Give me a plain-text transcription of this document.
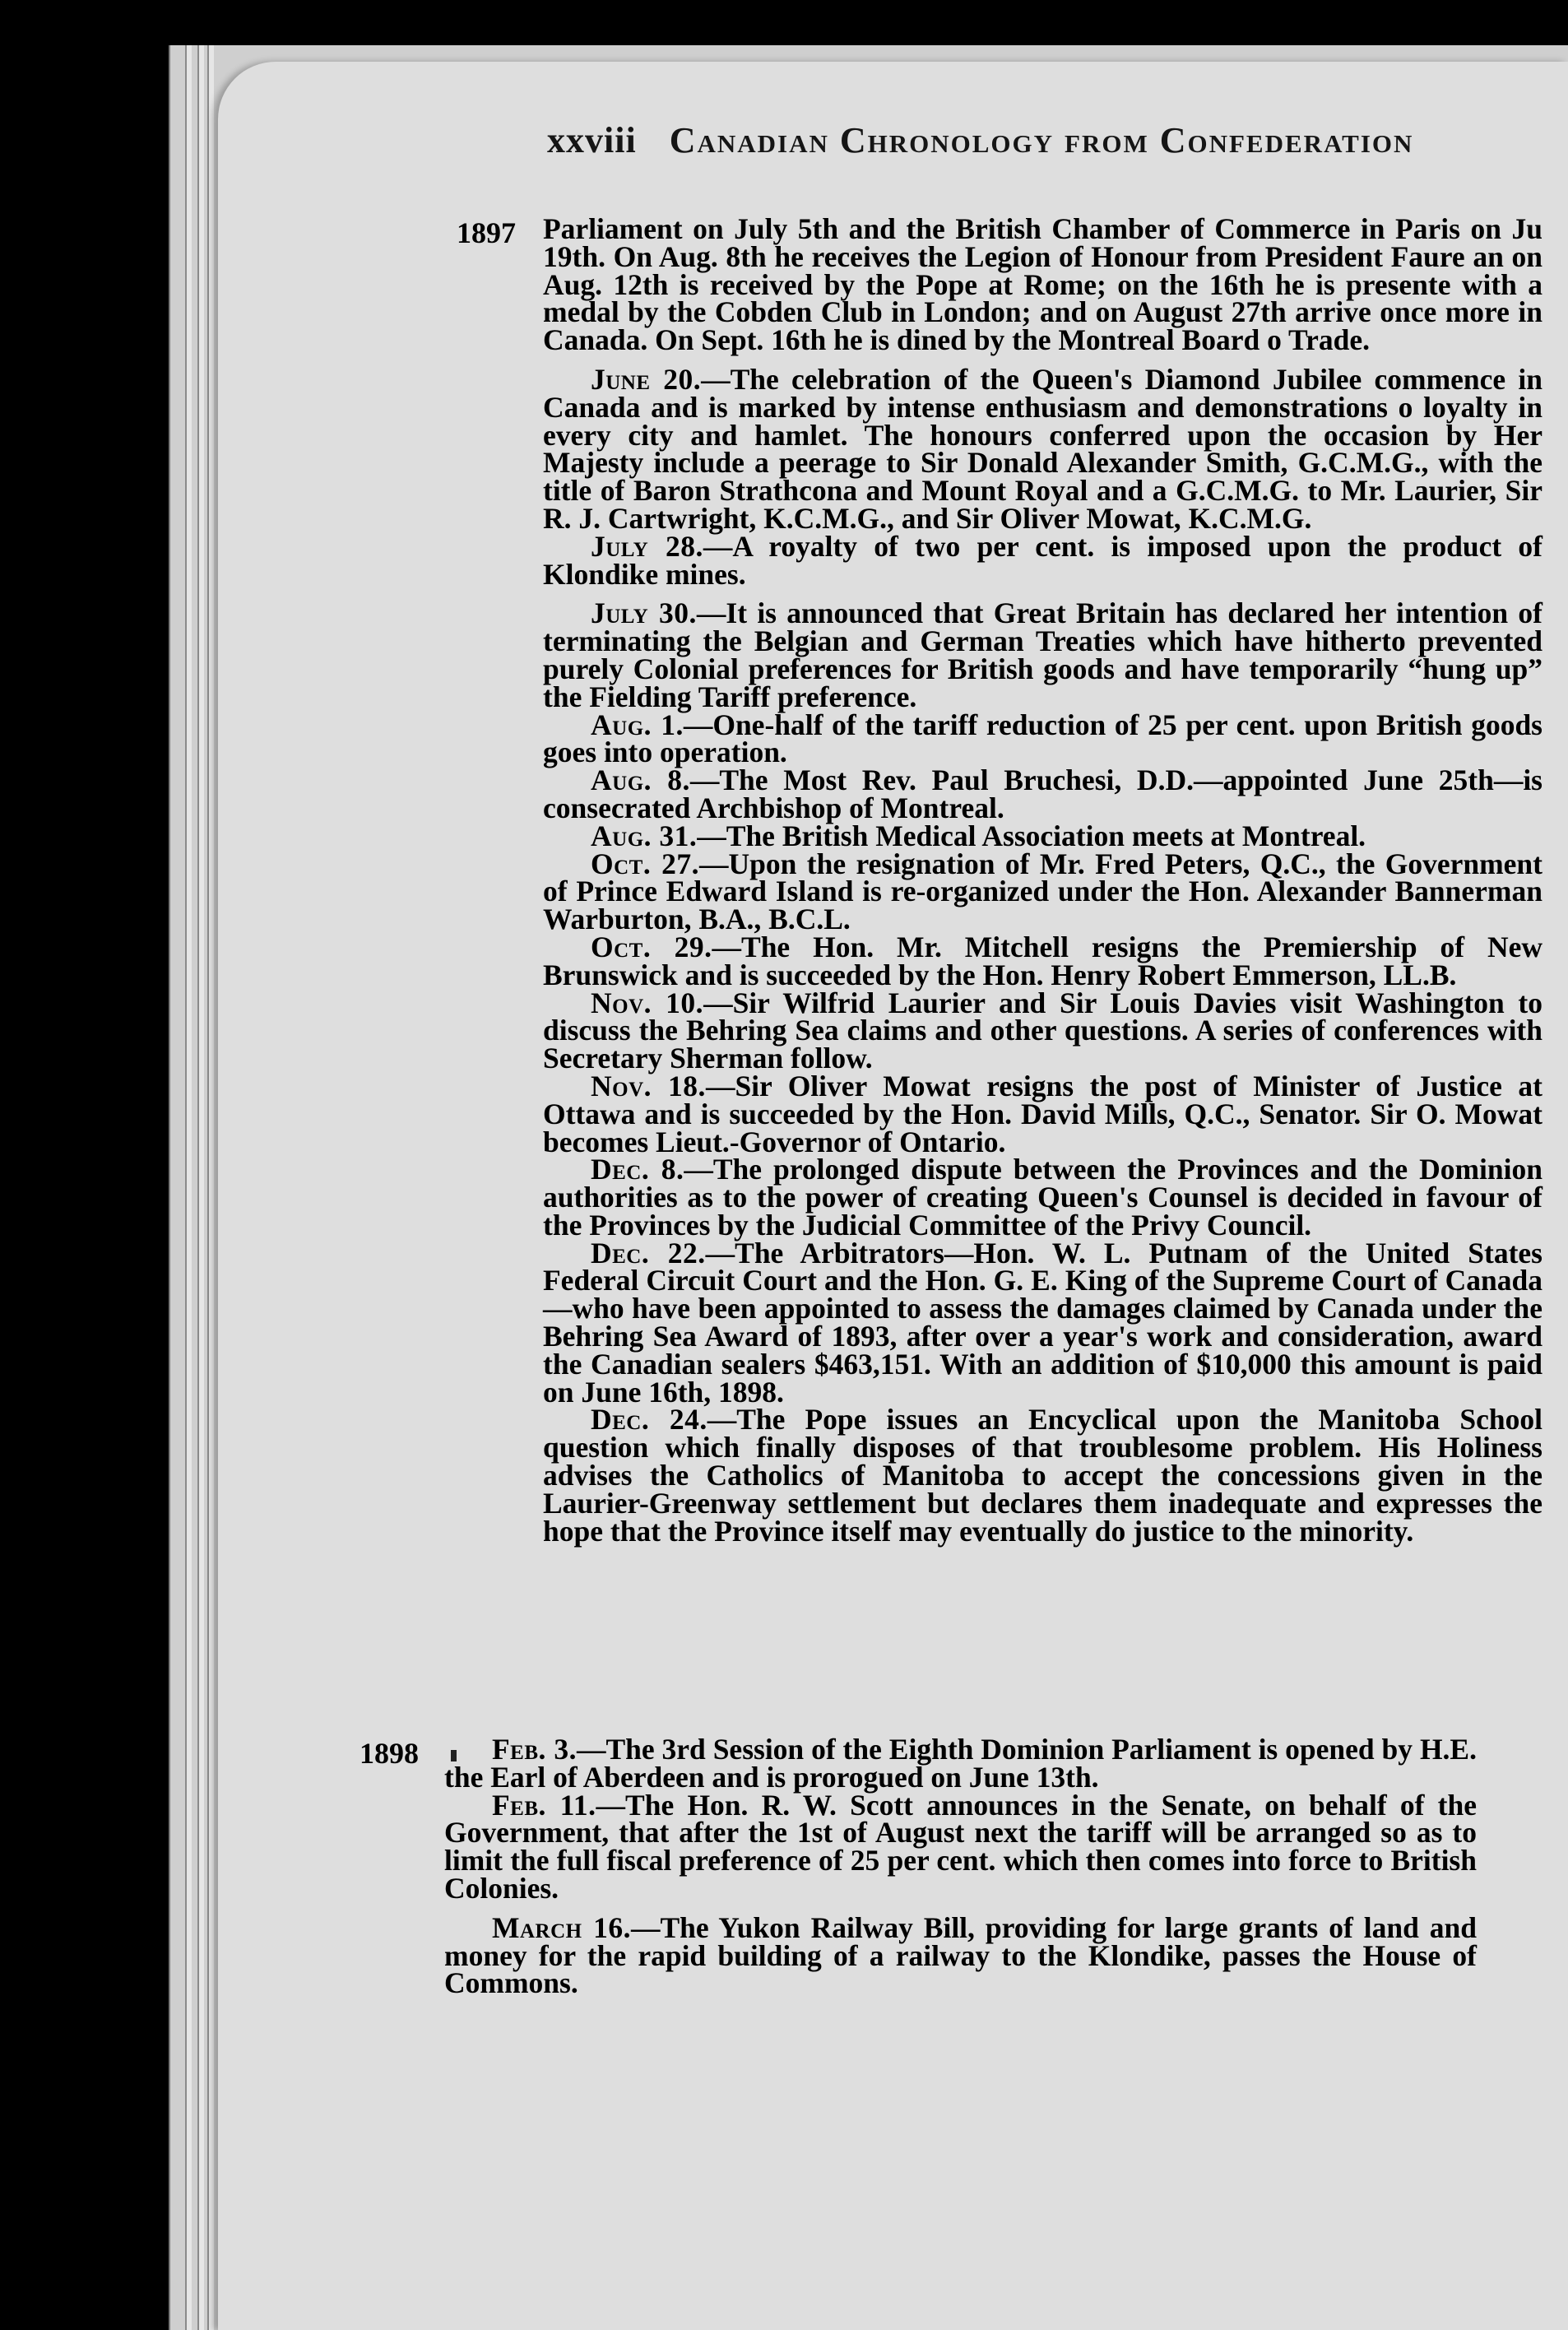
xxviii Canadian Chronology from Confederation
1897
1898

Parliament on July 5th and the British Chamber of Commerce in Paris on Ju 19th. On Aug. 8th he receives the Legion of Honour from President Faure an on Aug. 12th is received by the Pope at Rome; on the 16th he is presente with a medal by the Cobden Club in London; and on August 27th arrive once more in Canada. On Sept. 16th he is dined by the Montreal Board o Trade.

June 20.—The celebration of the Queen's Diamond Jubilee commence in Canada and is marked by intense enthusiasm and demonstrations o loyalty in every city and hamlet. The honours conferred upon the occasion by Her Majesty include a peerage to Sir Donald Alexander Smith, G.C.M.G., with the title of Baron Strathcona and Mount Royal and a G.C.M.G. to Mr. Laurier, Sir R. J. Cartwright, K.C.M.G., and Sir Oliver Mowat, K.C.M.G.

July 28.—A royalty of two per cent. is imposed upon the product of Klondike mines.

July 30.—It is announced that Great Britain has declared her intention of terminating the Belgian and German Treaties which have hitherto prevented purely Colonial preferences for British goods and have temporarily “hung up” the Fielding Tariff preference.

Aug. 1.—One-half of the tariff reduction of 25 per cent. upon British goods goes into operation.

Aug. 8.—The Most Rev. Paul Bruchesi, D.D.—appointed June 25th—is consecrated Archbishop of Montreal.

Aug. 31.—The British Medical Association meets at Montreal.

Oct. 27.—Upon the resignation of Mr. Fred Peters, Q.C., the Government of Prince Edward Island is re-organized under the Hon. Alexander Bannerman Warburton, B.A., B.C.L.

Oct. 29.—The Hon. Mr. Mitchell resigns the Premiership of New Brunswick and is succeeded by the Hon. Henry Robert Emmerson, LL.B.

Nov. 10.—Sir Wilfrid Laurier and Sir Louis Davies visit Washington to discuss the Behring Sea claims and other questions. A series of conferences with Secretary Sherman follow.

Nov. 18.—Sir Oliver Mowat resigns the post of Minister of Justice at Ottawa and is succeeded by the Hon. David Mills, Q.C., Senator. Sir O. Mowat becomes Lieut.-Governor of Ontario.

Dec. 8.—The prolonged dispute between the Provinces and the Dominion authorities as to the power of creating Queen's Counsel is decided in favour of the Provinces by the Judicial Committee of the Privy Council.

Dec. 22.—The Arbitrators—Hon. W. L. Putnam of the United States Federal Circuit Court and the Hon. G. E. King of the Supreme Court of Canada—who have been appointed to assess the damages claimed by Canada under the Behring Sea Award of 1893, after over a year's work and consideration, award the Canadian sealers $463,151. With an addition of $10,000 this amount is paid on June 16th, 1898.

Dec. 24.—The Pope issues an Encyclical upon the Manitoba School question which finally disposes of that troublesome problem. His Holiness advises the Catholics of Manitoba to accept the concessions given in the Laurier-Greenway settlement but declares them inadequate and expresses the hope that the Province itself may eventually do justice to the minority.

Feb. 3.—The 3rd Session of the Eighth Dominion Parliament is opened by H.E. the Earl of Aberdeen and is prorogued on June 13th.

Feb. 11.—The Hon. R. W. Scott announces in the Senate, on behalf of the Government, that after the 1st of August next the tariff will be arranged so as to limit the full fiscal preference of 25 per cent. which then comes into force to British Colonies.

March 16.—The Yukon Railway Bill, providing for large grants of land and money for the rapid building of a railway to the Klondike, passes the House of Commons.
